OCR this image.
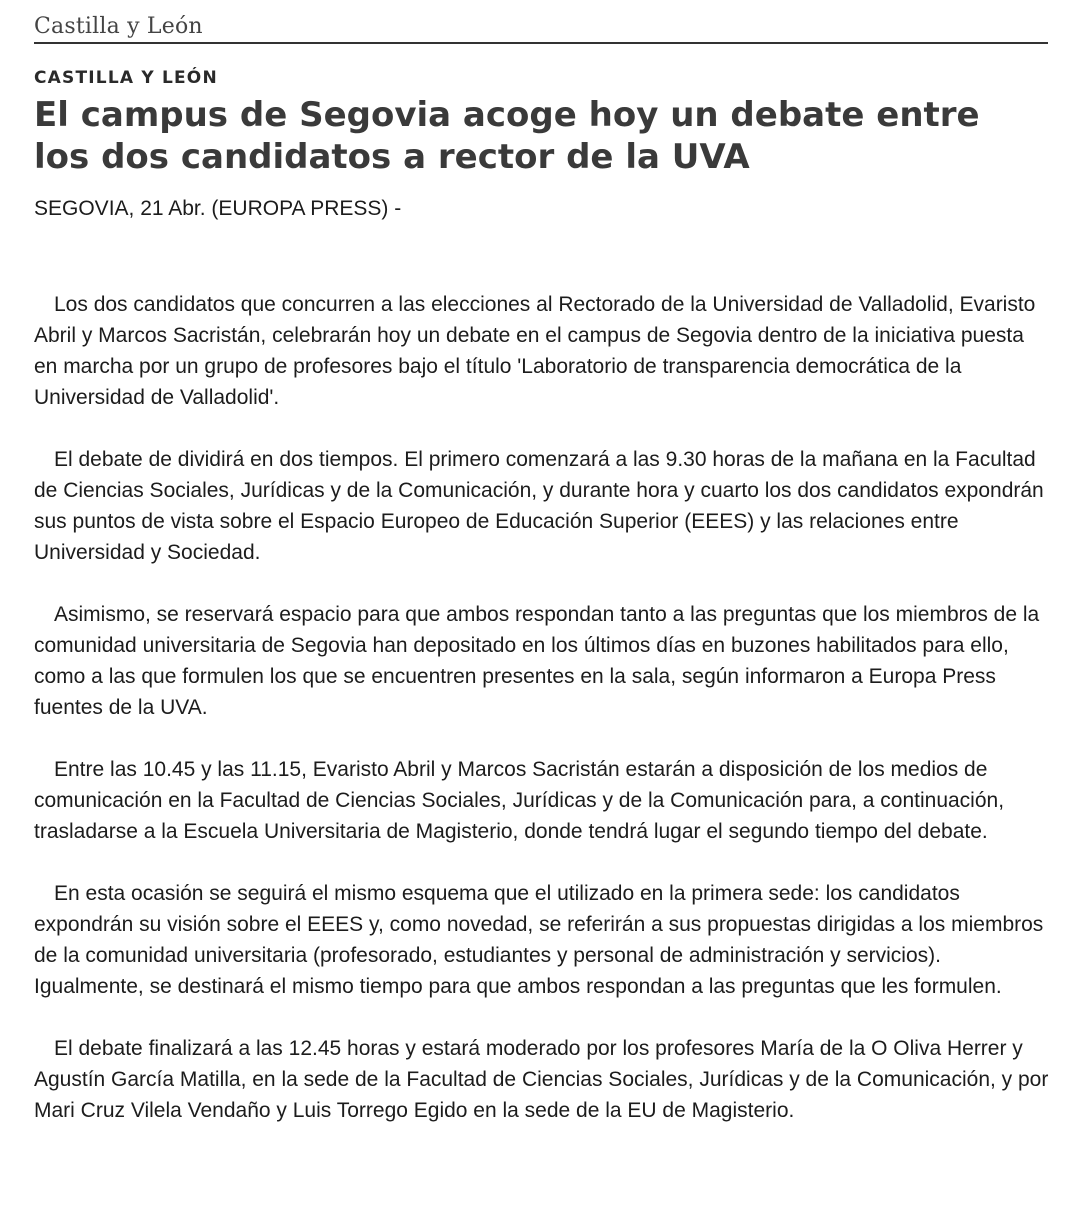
Castilla y León
CASTILLA Y LEÓN
El campus de Segovia acoge hoy un debate entre los dos candidatos a rector de la UVA
SEGOVIA, 21 Abr. (EUROPA PRESS) -

Los dos candidatos que concurren a las elecciones al Rectorado de la Universidad de Valladolid, Evaristo Abril y Marcos Sacristán, celebrarán hoy un debate en el campus de Segovia dentro de la iniciativa puesta en marcha por un grupo de profesores bajo el título 'Laboratorio de transparencia democrática de la Universidad de Valladolid'.

El debate de dividirá en dos tiempos. El primero comenzará a las 9.30 horas de la mañana en la Facultad de Ciencias Sociales, Jurídicas y de la Comunicación, y durante hora y cuarto los dos candidatos expondrán sus puntos de vista sobre el Espacio Europeo de Educación Superior (EEES) y las relaciones entre Universidad y Sociedad.

Asimismo, se reservará espacio para que ambos respondan tanto a las preguntas que los miembros de la comunidad universitaria de Segovia han depositado en los últimos días en buzones habilitados para ello, como a las que formulen los que se encuentren presentes en la sala, según informaron a Europa Press fuentes de la UVA.

Entre las 10.45 y las 11.15, Evaristo Abril y Marcos Sacristán estarán a disposición de los medios de comunicación en la Facultad de Ciencias Sociales, Jurídicas y de la Comunicación para, a continuación, trasladarse a la Escuela Universitaria de Magisterio, donde tendrá lugar el segundo tiempo del debate.

En esta ocasión se seguirá el mismo esquema que el utilizado en la primera sede: los candidatos expondrán su visión sobre el EEES y, como novedad, se referirán a sus propuestas dirigidas a los miembros de la comunidad universitaria (profesorado, estudiantes y personal de administración y servicios). Igualmente, se destinará el mismo tiempo para que ambos respondan a las preguntas que les formulen.

El debate finalizará a las 12.45 horas y estará moderado por los profesores María de la O Oliva Herrer y Agustín García Matilla, en la sede de la Facultad de Ciencias Sociales, Jurídicas y de la Comunicación, y por Mari Cruz Vilela Vendaño y Luis Torrego Egido en la sede de la EU de Magisterio.
